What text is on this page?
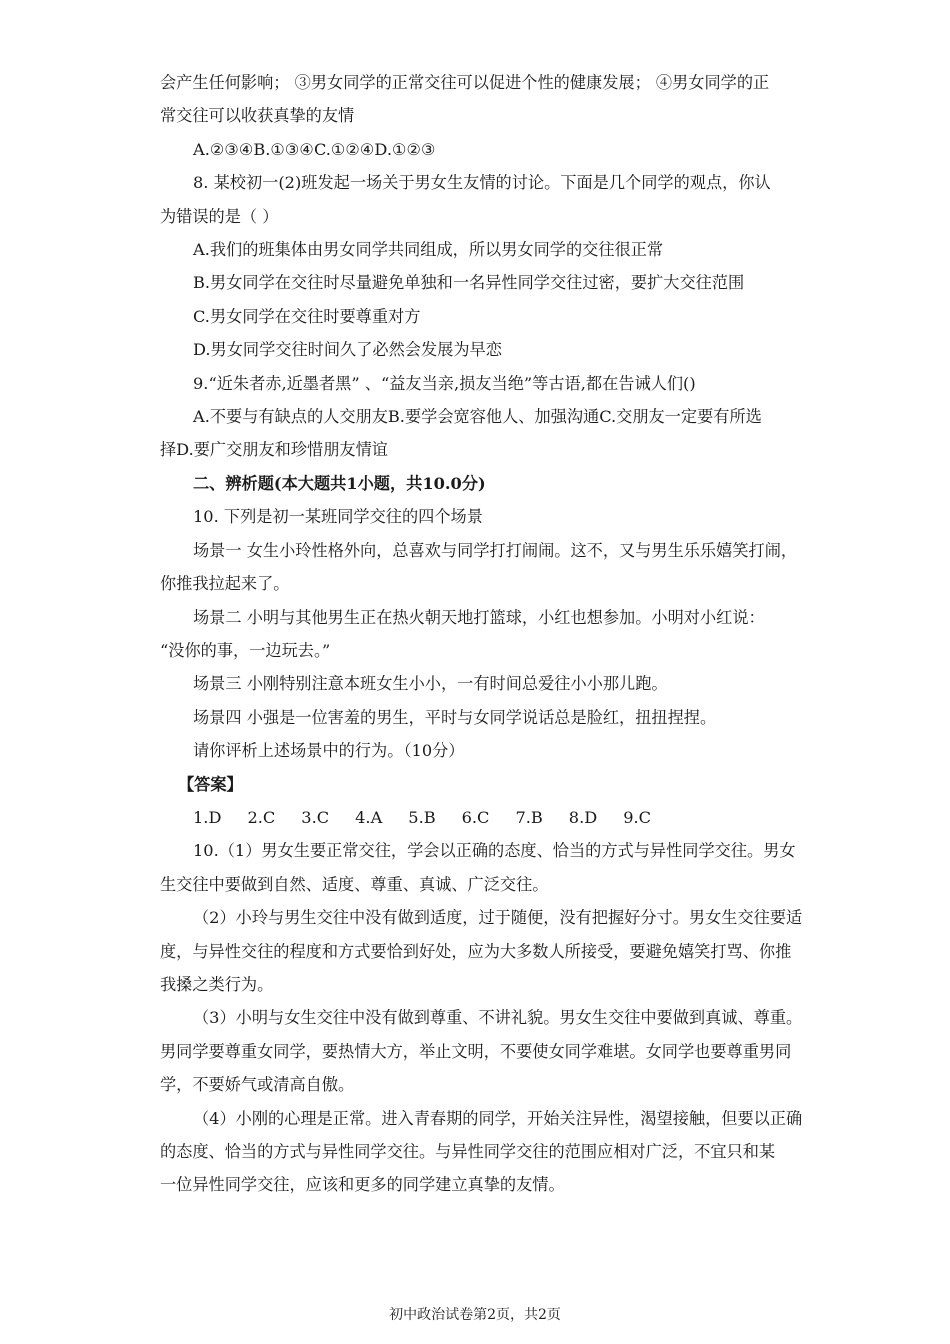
会产生任何影响； ③男女同学的正常交往可以促进个性的健康发展； ④男女同学的正

常交往可以收获真挚的友情

A.②③④B.①③④C.①②④D.①②③

8. 某校初一(2)班发起一场关于男女生友情的讨论。下面是几个同学的观点，你认

为错误的是（ ）

A.我们的班集体由男女同学共同组成，所以男女同学的交往很正常

B.男女同学在交往时尽量避免单独和一名异性同学交往过密，要扩大交往范围

C.男女同学在交往时要尊重对方

D.男女同学交往时间久了必然会发展为早恋

9.“近朱者赤,近墨者黑” 、“益友当亲,损友当绝”等古语,都在告诫人们()

A.不要与有缺点的人交朋友B.要学会宽容他人、加强沟通C.交朋友一定要有所选

择D.要广交朋友和珍惜朋友情谊

二、辨析题(本大题共1小题，共10.0分)

10. 下列是初一某班同学交往的四个场景

场景一 女生小玲性格外向，总喜欢与同学打打闹闹。这不，又与男生乐乐嬉笑打闹，

你推我拉起来了。

场景二 小明与其他男生正在热火朝天地打篮球，小红也想参加。小明对小红说：

“没你的事，一边玩去。”

场景三 小刚特别注意本班女生小小，一有时间总爱往小小那儿跑。

场景四 小强是一位害羞的男生，平时与女同学说话总是脸红，扭扭捏捏。

请你评析上述场景中的行为。（10分）

【答案】

1.D 2.C 3.C 4.A 5.B 6.C 7.B 8.D 9.C

10.（1）男女生要正常交往，学会以正确的态度、恰当的方式与异性同学交往。男女

生交往中要做到自然、适度、尊重、真诚、广泛交往。

（2）小玲与男生交往中没有做到适度，过于随便，没有把握好分寸。男女生交往要适

度，与异性交往的程度和方式要恰到好处，应为大多数人所接受，要避免嬉笑打骂、你推

我搡之类行为。

（3）小明与女生交往中没有做到尊重、不讲礼貌。男女生交往中要做到真诚、尊重。

男同学要尊重女同学，要热情大方，举止文明，不要使女同学难堪。女同学也要尊重男同

学，不要娇气或清高自傲。

（4）小刚的心理是正常。进入青春期的同学，开始关注异性，渴望接触，但要以正确

的态度、恰当的方式与异性同学交往。与异性同学交往的范围应相对广泛，不宜只和某

一位异性同学交往，应该和更多的同学建立真挚的友情。

初中政治试卷第2页，共2页
